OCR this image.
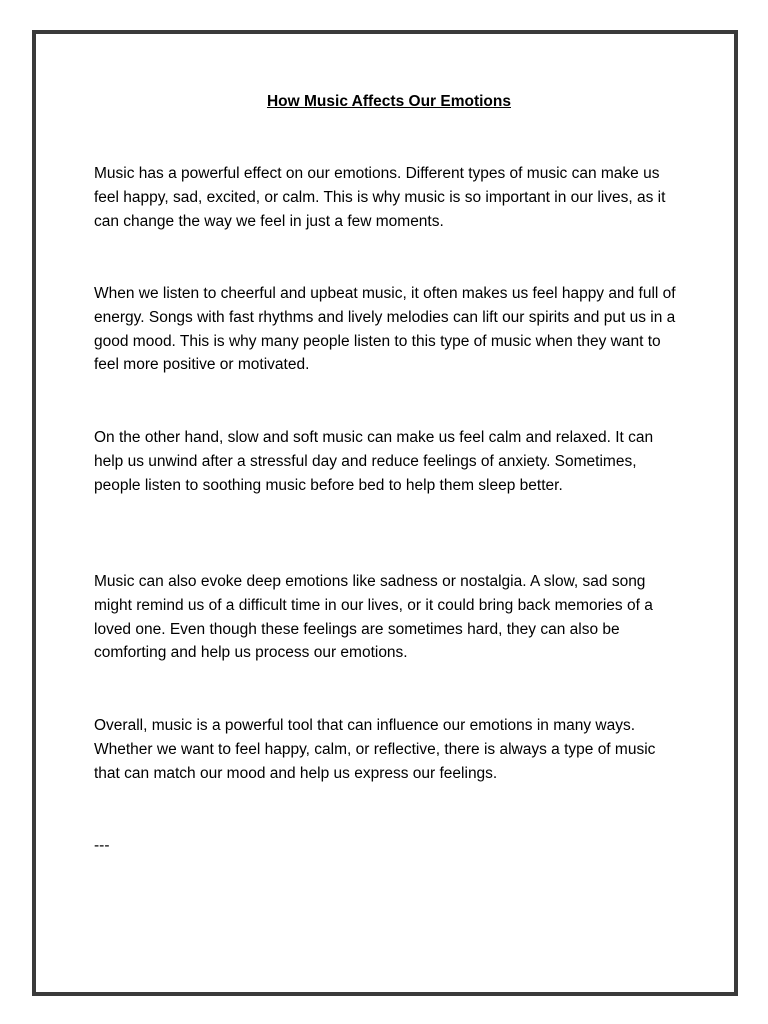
How Music Affects Our Emotions

Music has a powerful effect on our emotions. Different types of music can make us feel happy, sad, excited, or calm. This is why music is so important in our lives, as it can change the way we feel in just a few moments.

When we listen to cheerful and upbeat music, it often makes us feel happy and full of energy. Songs with fast rhythms and lively melodies can lift our spirits and put us in a good mood. This is why many people listen to this type of music when they want to feel more positive or motivated.

On the other hand, slow and soft music can make us feel calm and relaxed. It can help us unwind after a stressful day and reduce feelings of anxiety. Sometimes, people listen to soothing music before bed to help them sleep better.

Music can also evoke deep emotions like sadness or nostalgia. A slow, sad song might remind us of a difficult time in our lives, or it could bring back memories of a loved one. Even though these feelings are sometimes hard, they can also be comforting and help us process our emotions.

Overall, music is a powerful tool that can influence our emotions in many ways. Whether we want to feel happy, calm, or reflective, there is always a type of music that can match our mood and help us express our feelings.

---
